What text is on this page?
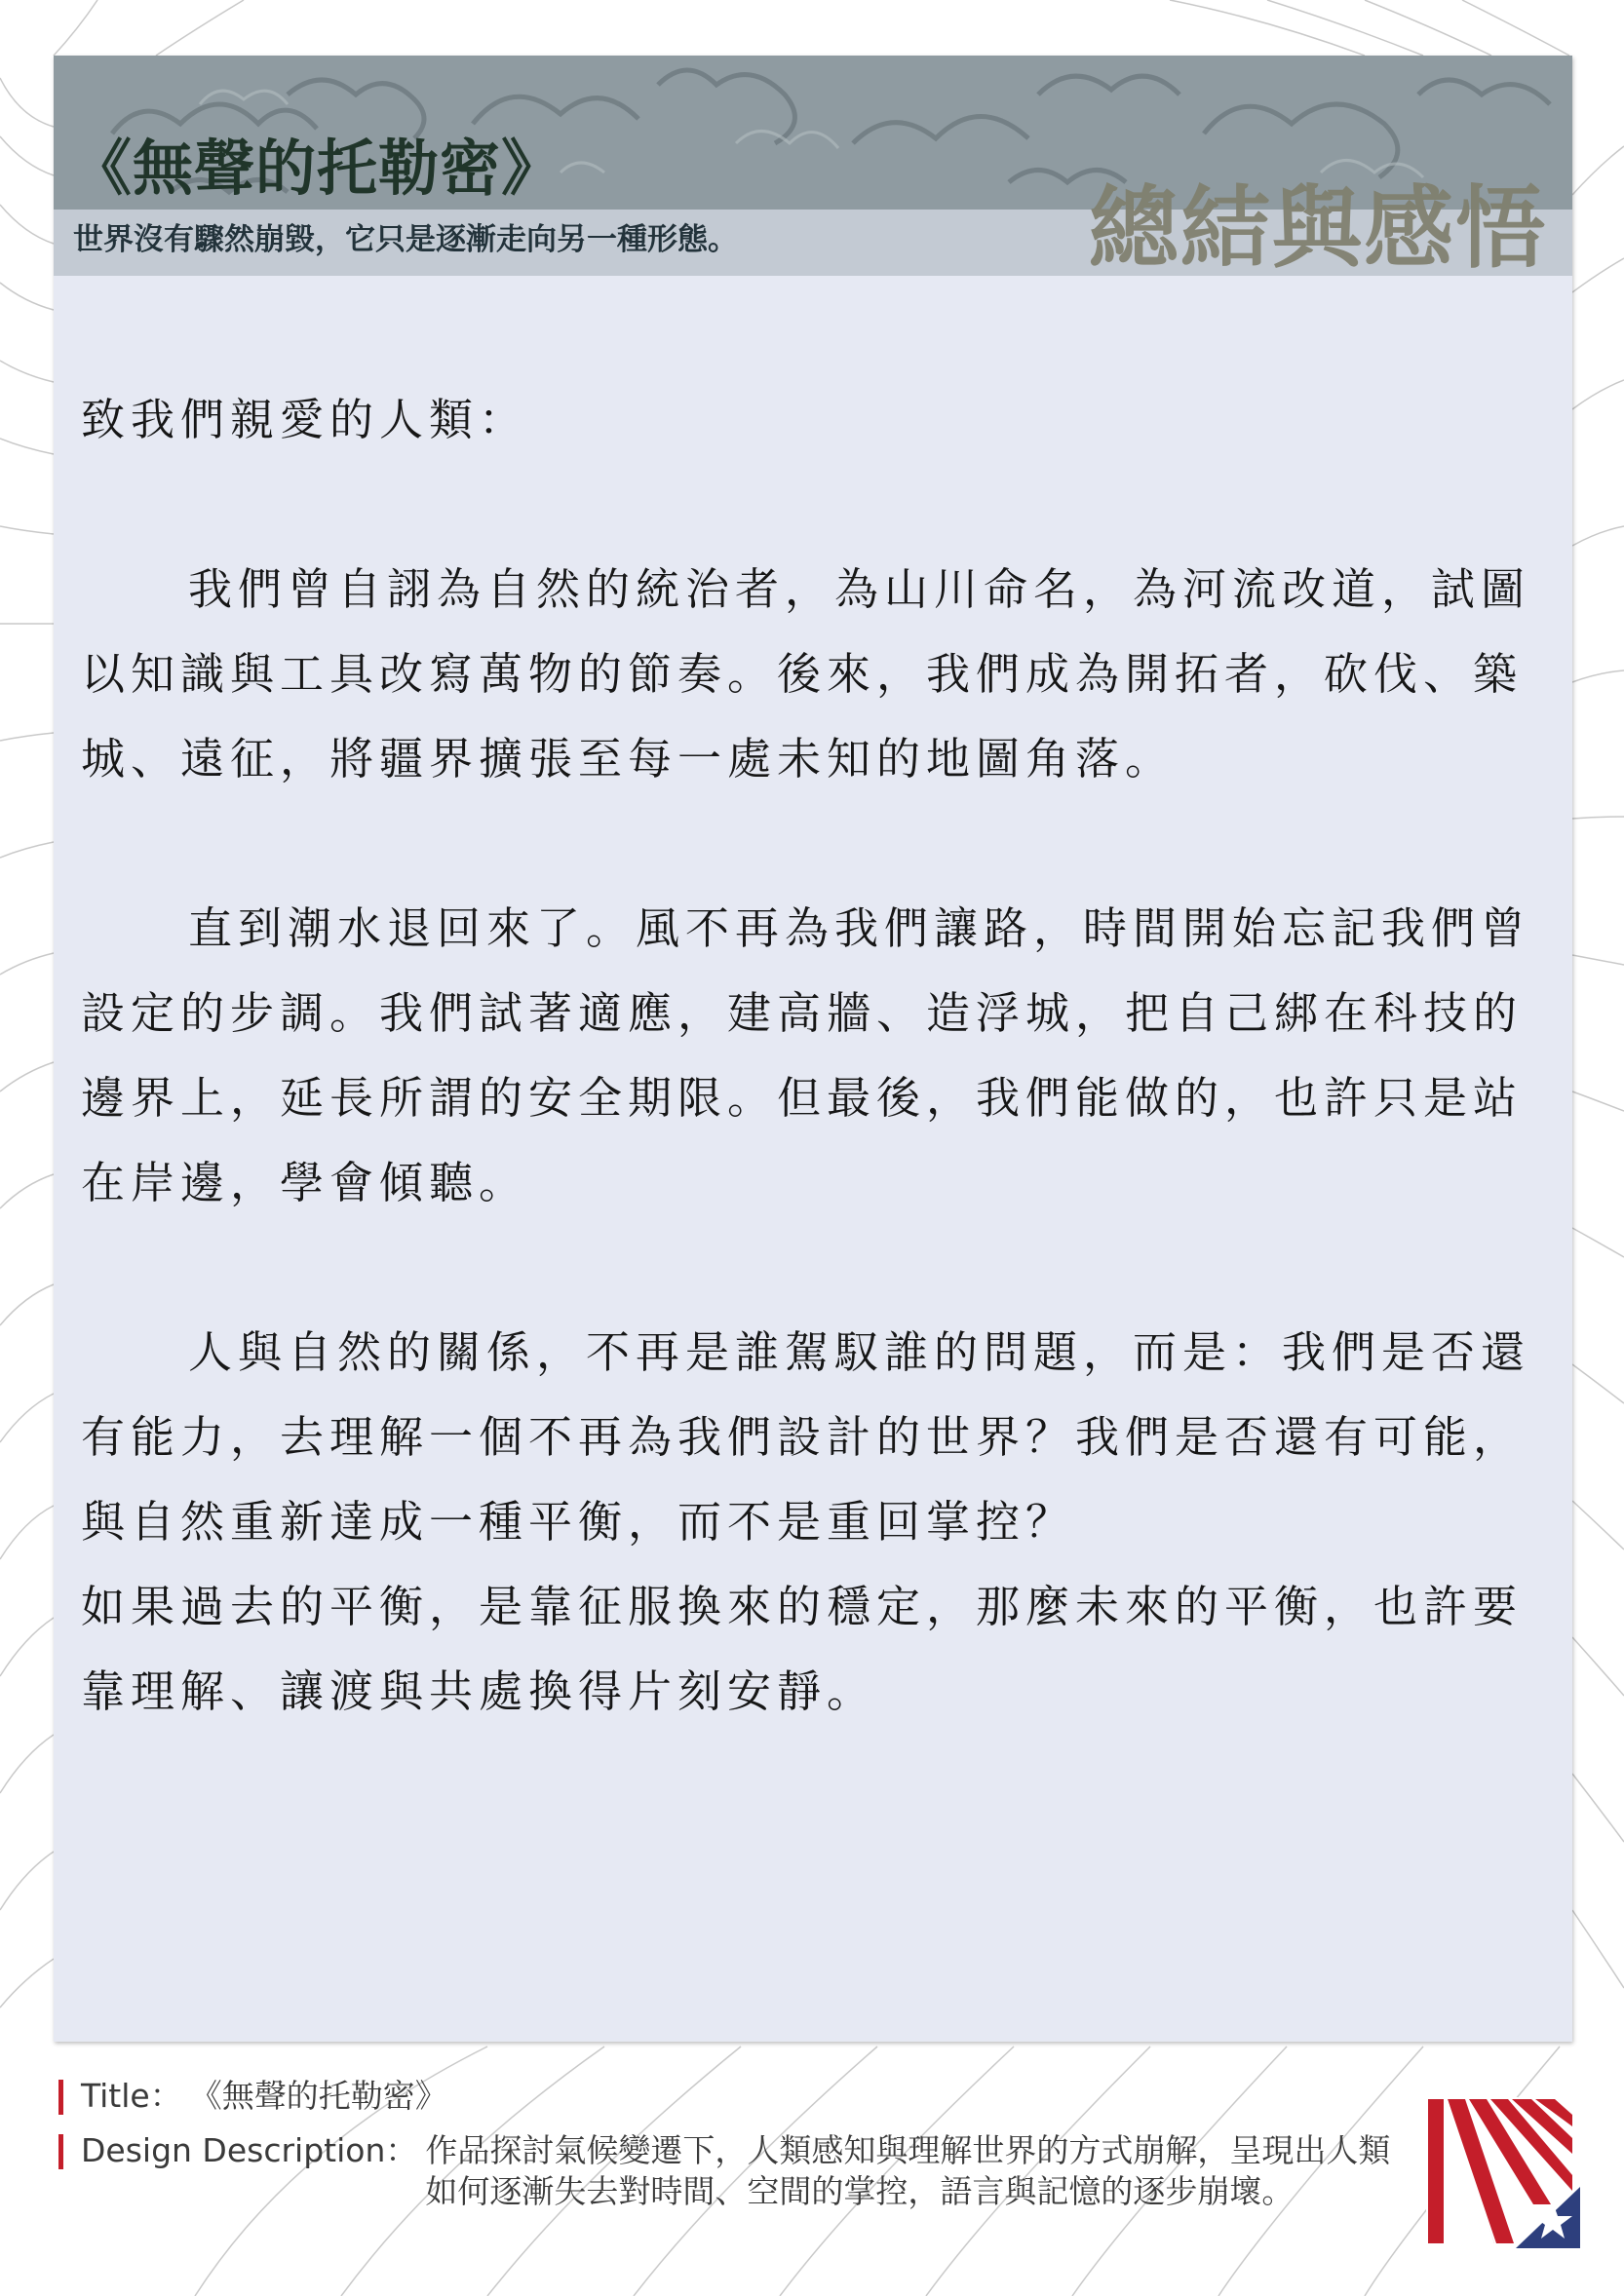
《無聲的托勒密》
總結與感悟
世界沒有驟然崩毀，它只是逐漸走向另一種形態。

致我們親愛的人類：

我們曾自詡為自然的統治者，為山川命名，為河流改道，試圖以知識與工具改寫萬物的節奏。後來，我們成為開拓者，砍伐、築城、遠征，將疆界擴張至每一處未知的地圖角落。

直到潮水退回來了。風不再為我們讓路，時間開始忘記我們曾設定的步調。我們試著適應，建高牆、造浮城，把自己綁在科技的邊界上，延長所謂的安全期限。但最後，我們能做的，也許只是站在岸邊，學會傾聽。

人與自然的關係，不再是誰駕馭誰的問題，而是：我們是否還有能力，去理解一個不再為我們設計的世界？我們是否還有可能，與自然重新達成一種平衡，而不是重回掌控？

如果過去的平衡，是靠征服換來的穩定，那麼未來的平衡，也許要靠理解、讓渡與共處換得片刻安靜。

Title： 《無聲的托勒密》
Design Description： 作品探討氣候變遷下，人類感知與理解世界的方式崩解，呈現出人類如何逐漸失去對時間、空間的掌控，語言與記憶的逐步崩壞。
